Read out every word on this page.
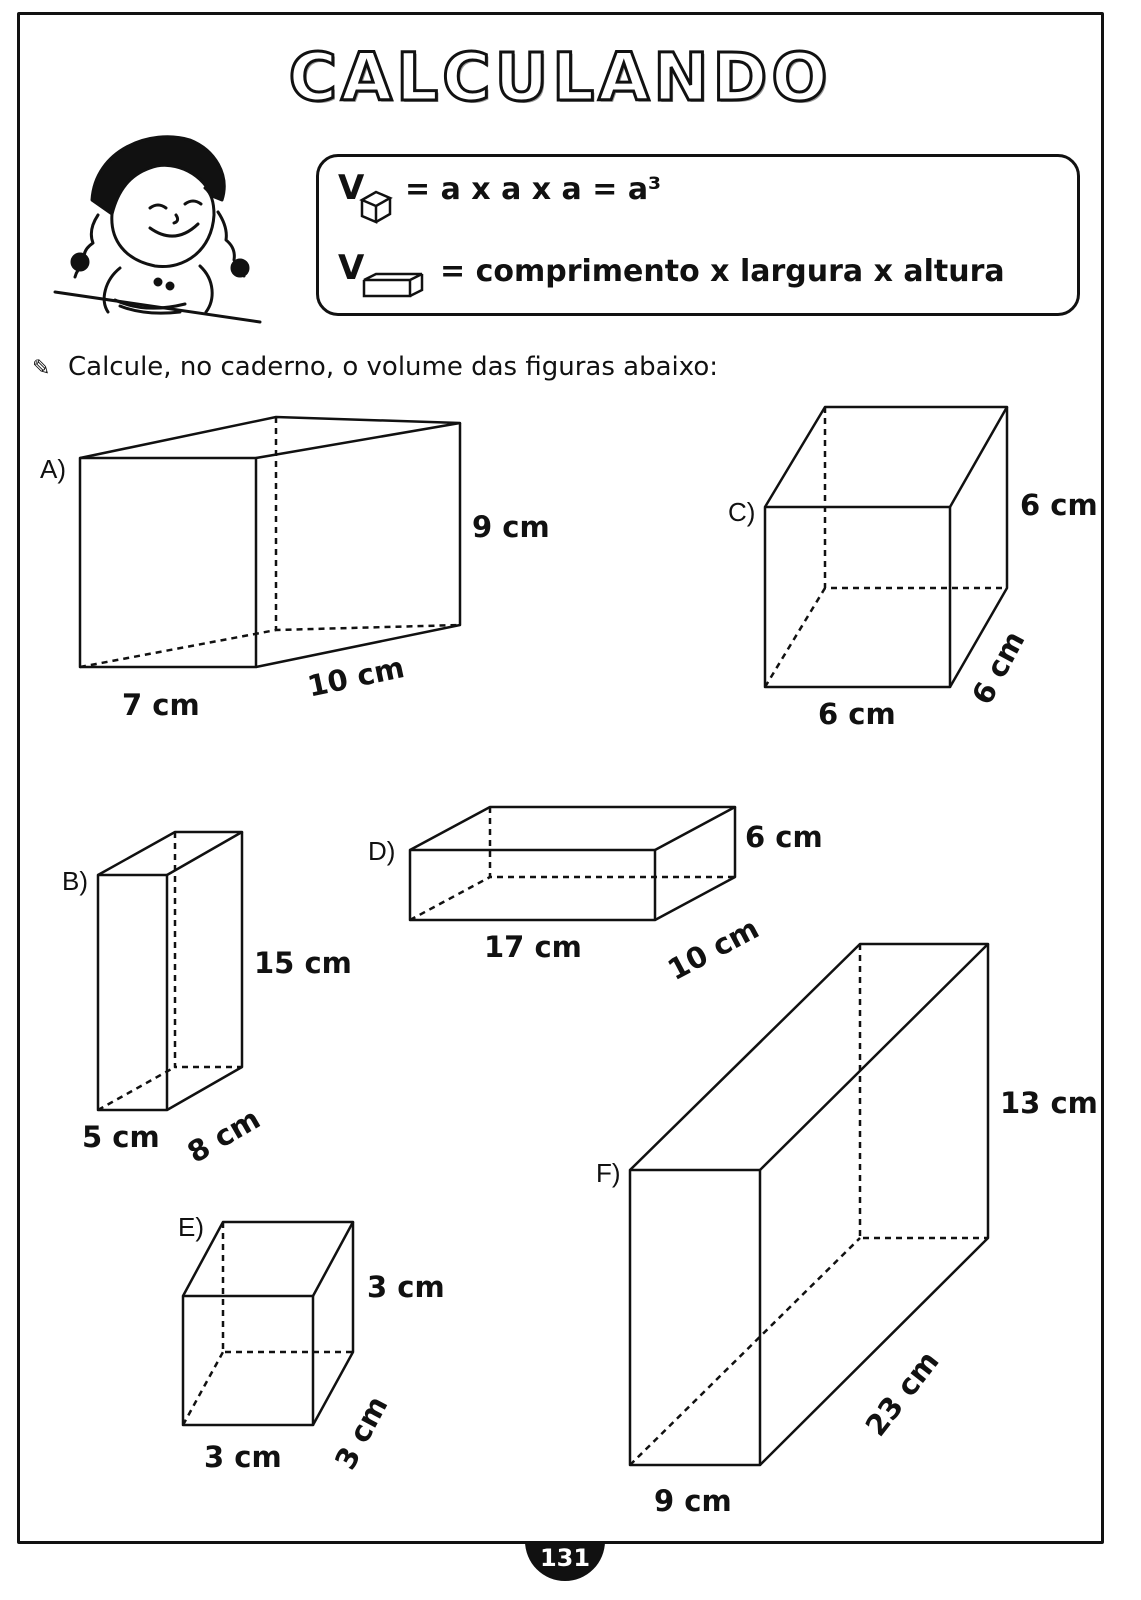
CALCULANDO
V = a x a x a = a³
V	= comprimento x largura x altura
✎ Calcule, no caderno, o volume das figuras abaixo:
A)
9 cm
7 cm
10 cm
C)	6 cm
6 cm
6 cm
B)
15 cm
5 cm 8 cm
D)	6 cm
17 cm	10 cm
E)
3 cm
3 cm 3 cm
F)
13 cm
9 cm
23 cm
131
